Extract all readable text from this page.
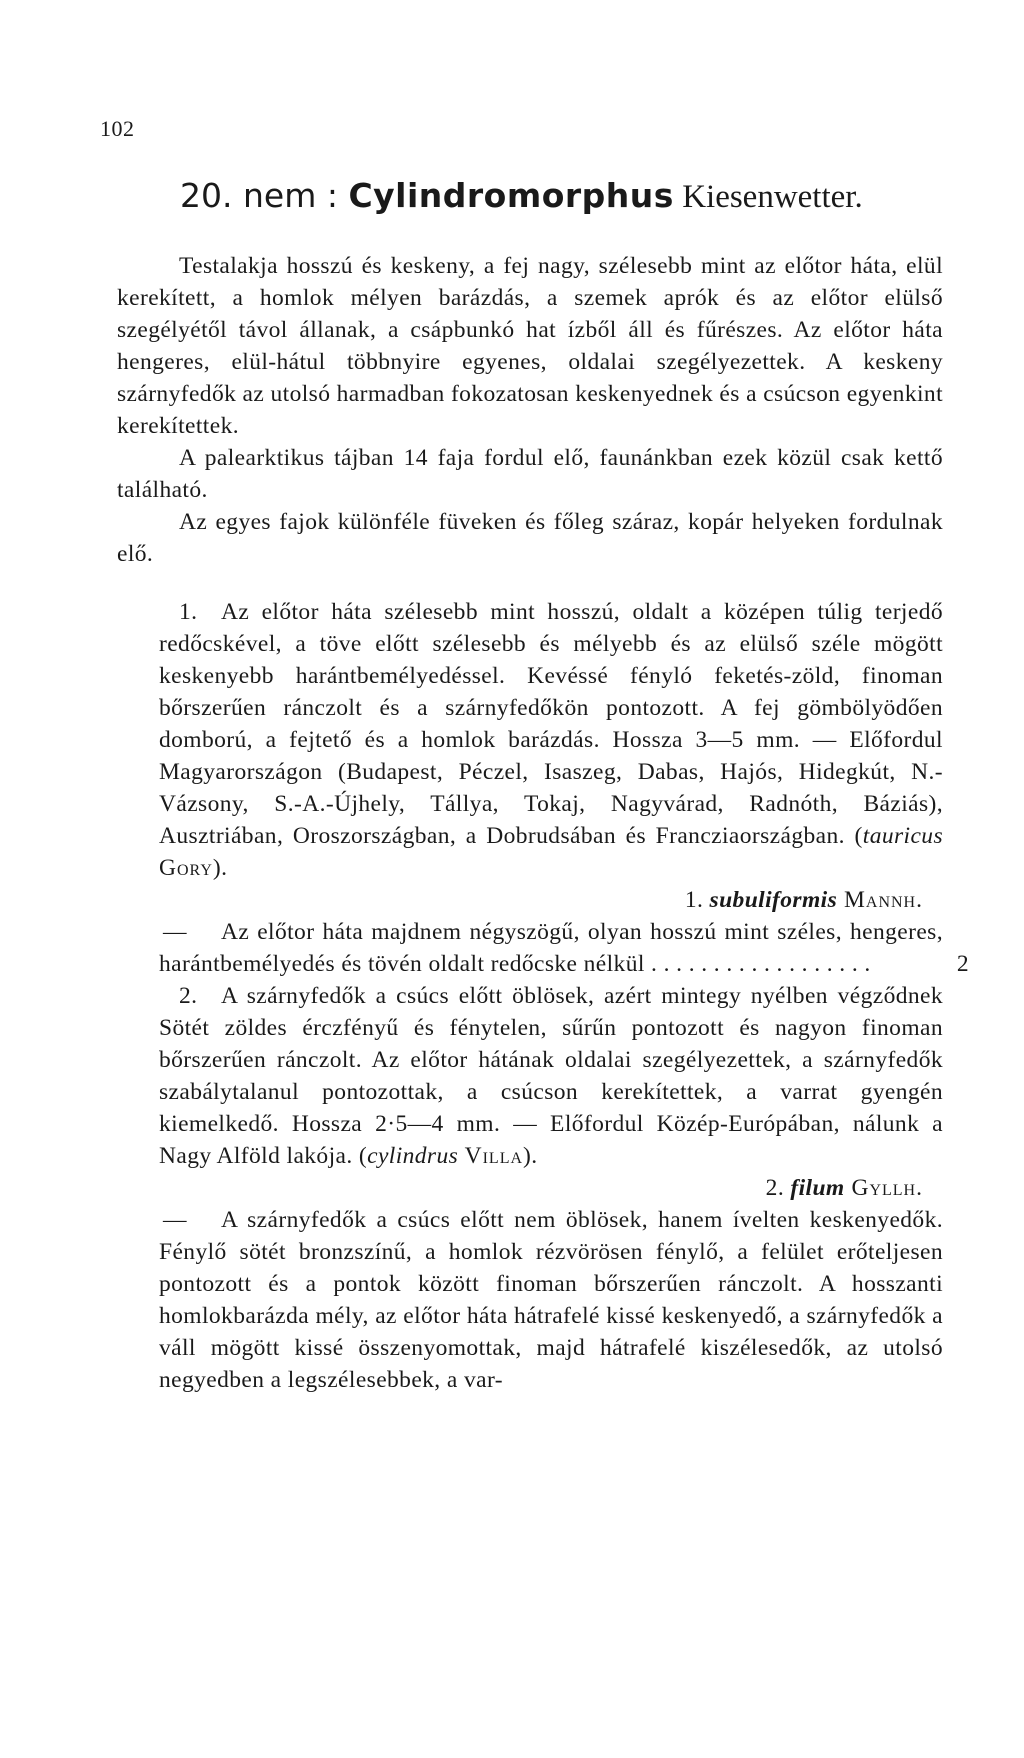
102
20. nem : Cylindromorphus Kiesenwetter.

Testalakja hosszú és keskeny, a fej nagy, szélesebb mint az előtor háta, elül kerekített, a homlok mélyen barázdás, a szemek aprók és az előtor elülső szegélyétől távol állanak, a csápbunkó hat ízből áll és fűrészes. Az előtor háta hengeres, elül-hátul többnyire egyenes, oldalai szegélyezettek. A keskeny szárnyfedők az utolsó harmadban fokozatosan keskenyednek és a csúcson egyenkint kerekítettek.

A palearktikus tájban 14 faja fordul elő, faunánkban ezek közül csak kettő található.

Az egyes fajok különféle füveken és főleg száraz, kopár helyeken fordulnak elő.

1. Az előtor háta szélesebb mint hosszú, oldalt a középen túlig terjedő redőcskével, a töve előtt szélesebb és mélyebb és az elülső széle mögött keskenyebb harántbemélyedéssel. Kevéssé fényló feketés-zöld, finoman bőrszerűen ránczolt és a szárnyfedőkön pontozott. A fej gömbölyödően domború, a fejtető és a homlok barázdás. Hossza 3—5 mm. — Előfordul Magyarországon (Budapest, Péczel, Isaszeg, Dabas, Hajós, Hidegkút, N.-Vázsony, S.-A.-Újhely, Tállya, Tokaj, Nagyvárad, Radnóth, Báziás), Ausztriában, Oroszországban, a Dobrudsában és Francziaországban. (tauricus Gory).

1. subuliformis Mannh.

— Az előtor háta majdnem négyszögű, olyan hosszú mint széles, hengeres, harántbemélyedés és tövén oldalt redőcske nélkül . . . . . . . . . . . . . . . . . .	2

2. A szárnyfedők a csúcs előtt öblösek, azért mintegy nyélben végződnek Sötét zöldes érczfényű és fénytelen, sűrűn pontozott és nagyon finoman bőrszerűen ránczolt. Az előtor hátának oldalai szegélyezettek, a szárnyfedők szabálytalanul pontozottak, a csúcson kerekítettek, a varrat gyengén kiemelkedő. Hossza 2·5—4 mm. — Előfordul Közép-Európában, nálunk a Nagy Alföld lakója. (cylindrus Villa).

2. filum Gyllh.

— A szárnyfedők a csúcs előtt nem öblösek, hanem ívelten keskenyedők. Fénylő sötét bronzszínű, a homlok rézvörösen fénylő, a felület erőteljesen pontozott és a pontok között finoman bőrszerűen ránczolt. A hosszanti homlokbarázda mély, az előtor háta hátrafelé kissé keskenyedő, a szárnyfedők a váll mögött kissé összenyomottak, majd hátrafelé kiszélesedők, az utolsó negyedben a legszélesebbek, a var-
